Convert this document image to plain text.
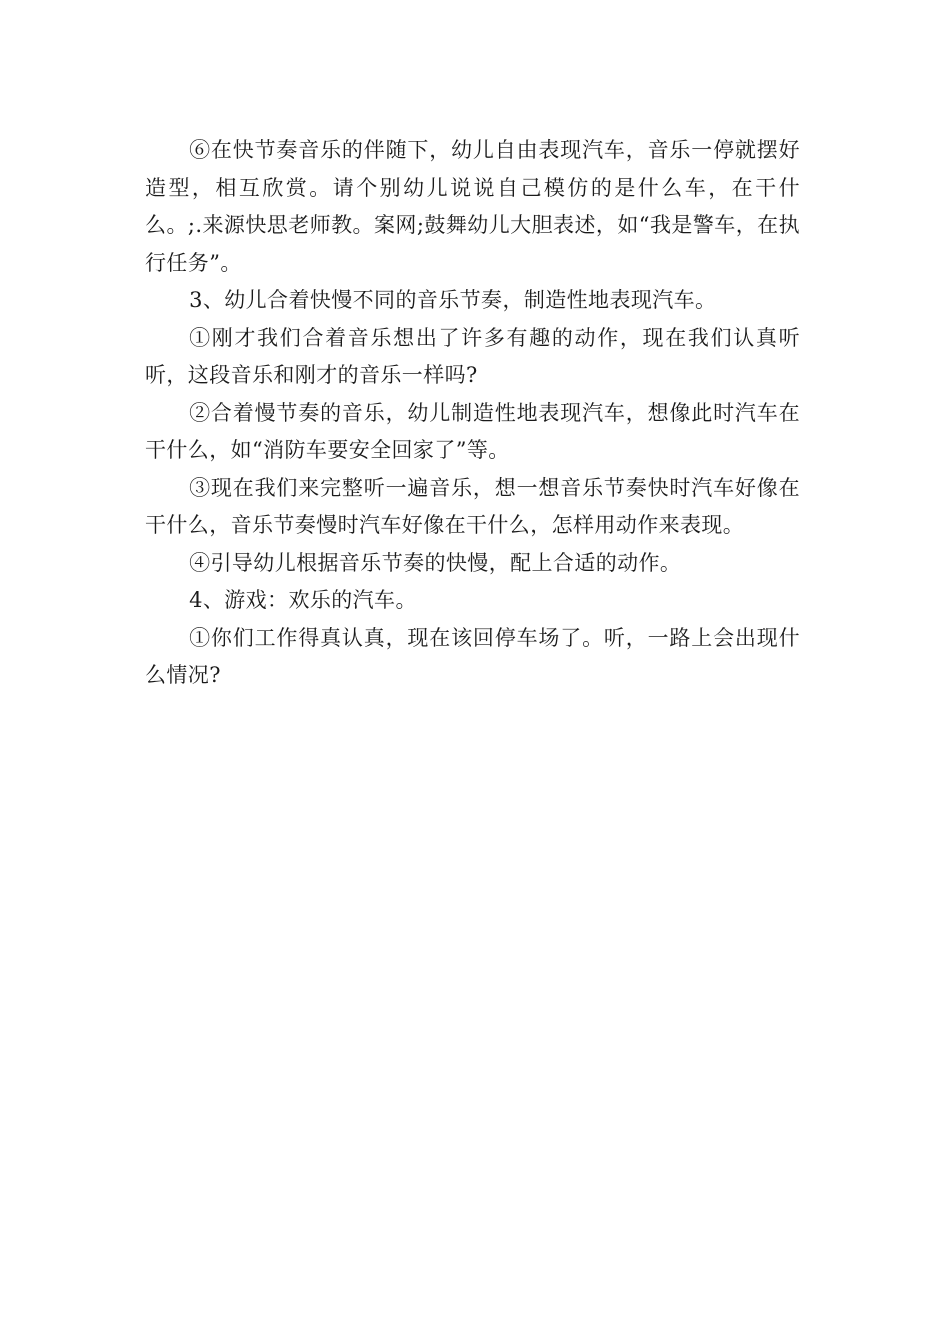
⑥在快节奏音乐的伴随下，幼儿自由表现汽车，音乐一停就摆好造型，相互欣赏。请个别幼儿说说自己模仿的是什么车，在干什么。;.来源快思老师教。案网;鼓舞幼儿大胆表述，如“我是警车，在执行任务”。

3、幼儿合着快慢不同的音乐节奏，制造性地表现汽车。

①刚才我们合着音乐想出了许多有趣的动作，现在我们认真听听，这段音乐和刚才的音乐一样吗?

②合着慢节奏的音乐，幼儿制造性地表现汽车，想像此时汽车在干什么，如“消防车要安全回家了”等。

③现在我们来完整听一遍音乐，想一想音乐节奏快时汽车好像在干什么，音乐节奏慢时汽车好像在干什么，怎样用动作来表现。

④引导幼儿根据音乐节奏的快慢，配上合适的动作。

4、游戏：欢乐的汽车。

①你们工作得真认真，现在该回停车场了。听，一路上会出现什么情况?
